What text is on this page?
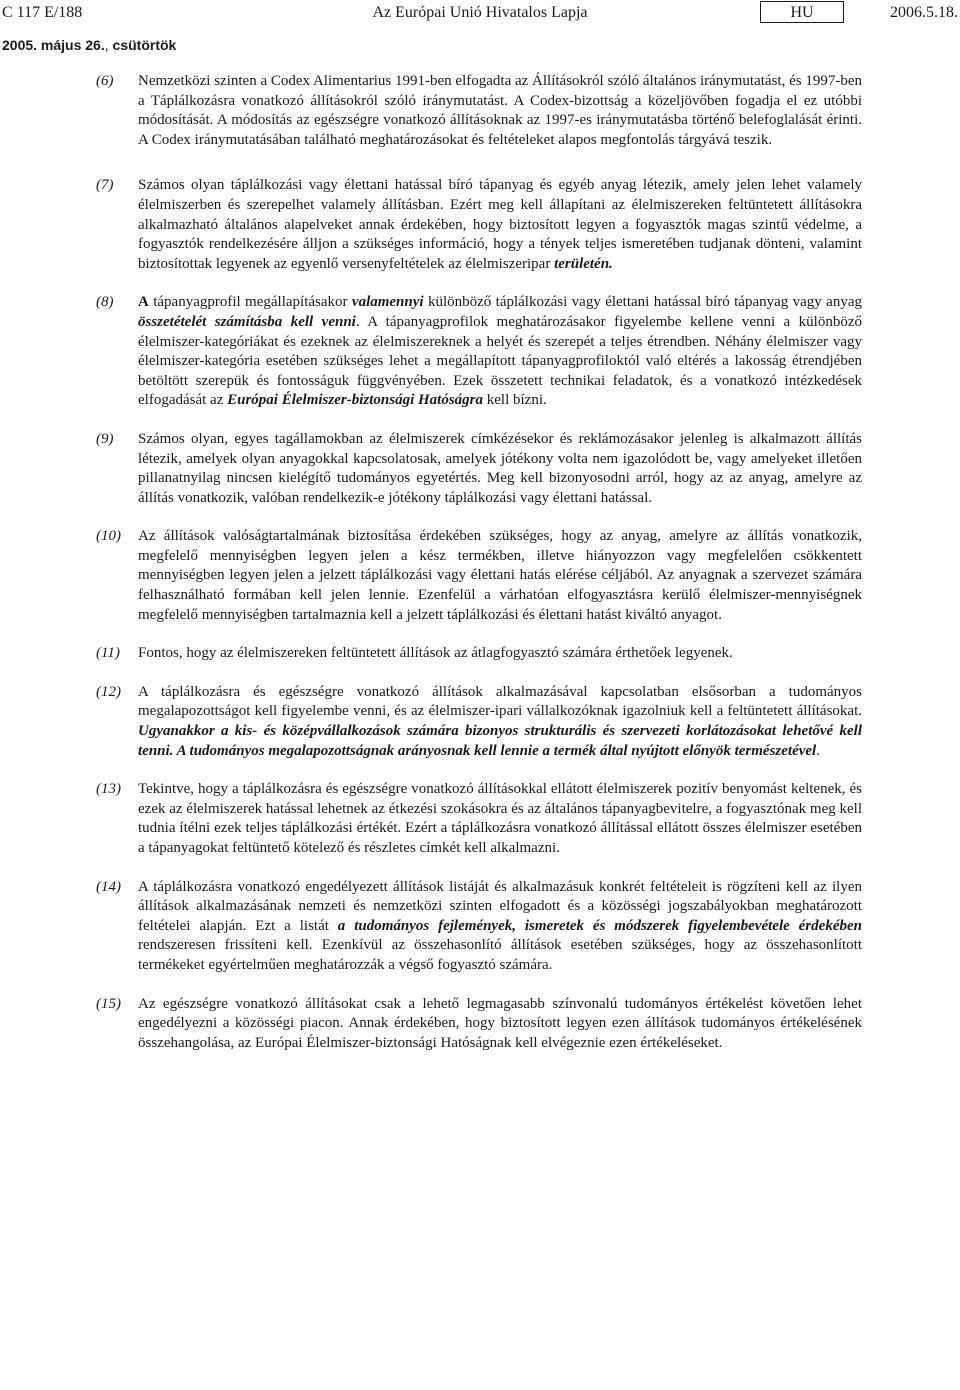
C 117 E/188	Az Európai Unió Hivatalos Lapja	HU	2006.5.18.
2005. május 26., csütörtök
(6) Nemzetközi szinten a Codex Alimentarius 1991-ben elfogadta az Állításokról szóló általános iránymutatást, és 1997-ben a Táplálkozásra vonatkozó állításokról szóló iránymutatást. A Codex-bizottság a közeljövőben fogadja el ez utóbbi módosítását. A módosítás az egészségre vonatkozó állításoknak az 1997-es iránymutatásba történő belefoglalását érinti. A Codex iránymutatásában található meghatározásokat és feltételeket alapos megfontolás tárgyává teszik.
(7) Számos olyan táplálkozási vagy élettani hatással bíró tápanyag és egyéb anyag létezik, amely jelen lehet valamely élelmiszerben és szerepelhet valamely állításban. Ezért meg kell állapítani az élelmiszereken feltüntetett állításokra alkalmazható általános alapelveket annak érdekében, hogy biztosított legyen a fogyasztók magas szintű védelme, a fogyasztók rendelkezésére álljon a szükséges információ, hogy a tények teljes ismeretében tudjanak dönteni, valamint biztosítottak legyenek az egyenlő versenyfeltételek az élelmiszeripar területén.
(8) A tápanyagprofil megállapításakor valamennyi különböző táplálkozási vagy élettani hatással bíró tápanyag vagy anyag összetételét számításba kell venni. A tápanyagprofilok meghatározásakor figyelembe kellene venni a különböző élelmiszer-kategóriákat és ezeknek az élelmiszereknek a helyét és szerepét a teljes étrendben. Néhány élelmiszer vagy élelmiszer-kategória esetében szükséges lehet a megállapított tápanyagprofiloktól való eltérés a lakosság étrendjében betöltött szerepük és fontosságuk függvényében. Ezek összetett technikai feladatok, és a vonatkozó intézkedések elfogadását az Európai Élelmiszer-biztonsági Hatóságra kell bízni.
(9) Számos olyan, egyes tagállamokban az élelmiszerek címkézésekor és reklámozásakor jelenleg is alkalmazott állítás létezik, amelyek olyan anyagokkal kapcsolatosak, amelyek jótékony volta nem igazolódott be, vagy amelyeket illetően pillanatnyilag nincsen kielégítő tudományos egyetértés. Meg kell bizonyosodni arról, hogy az az anyag, amelyre az állítás vonatkozik, valóban rendelkezik-e jótékony táplálkozási vagy élettani hatással.
(10) Az állítások valóságtartalmának biztosítása érdekében szükséges, hogy az anyag, amelyre az állítás vonatkozik, megfelelő mennyiségben legyen jelen a kész termékben, illetve hiányozzon vagy megfelelően csökkentett mennyiségben legyen jelen a jelzett táplálkozási vagy élettani hatás elérése céljából. Az anyagnak a szervezet számára felhasználható formában kell jelen lennie. Ezenfelül a várhatóan elfogyasztásra kerülő élelmiszer-mennyiségnek megfelelő mennyiségben tartalmaznia kell a jelzett táplálkozási és élettani hatást kiváltó anyagot.
(11) Fontos, hogy az élelmiszereken feltüntetett állítások az átlagfogyasztó számára érthetőek legyenek.
(12) A táplálkozásra és egészségre vonatkozó állítások alkalmazásával kapcsolatban elsősorban a tudományos megalapozottságot kell figyelembe venni, és az élelmiszer-ipari vállalkozóknak igazolniuk kell a feltüntetett állításokat. Ugyanakkor a kis- és középvállalkozások számára bizonyos strukturális és szervezeti korlátozásokat lehetővé kell tenni. A tudományos megalapozottságnak arányosnak kell lennie a termék által nyújtott előnyök természetével.
(13) Tekintve, hogy a táplálkozásra és egészségre vonatkozó állításokkal ellátott élelmiszerek pozitív benyomást keltenek, és ezek az élelmiszerek hatással lehetnek az étkezési szokásokra és az általános tápanyagbevitelre, a fogyasztónak meg kell tudnia ítélni ezek teljes táplálkozási értékét. Ezért a táplálkozásra vonatkozó állítással ellátott összes élelmiszer esetében a tápanyagokat feltüntető kötelező és részletes címkét kell alkalmazni.
(14) A táplálkozásra vonatkozó engedélyezett állítások listáját és alkalmazásuk konkrét feltételeit is rögzíteni kell az ilyen állítások alkalmazásának nemzeti és nemzetközi szinten elfogadott és a közösségi jogszabályokban meghatározott feltételei alapján. Ezt a listát a tudományos fejlemények, ismeretek és módszerek figyelembevétele érdekében rendszeresen frissíteni kell. Ezenkívül az összehasonlító állítások esetében szükséges, hogy az összehasonlított termékeket egyértelműen meghatározzák a végső fogyasztó számára.
(15) Az egészségre vonatkozó állításokat csak a lehető legmagasabb színvonalú tudományos értékelést követően lehet engedélyezni a közösségi piacon. Annak érdekében, hogy biztosított legyen ezen állítások tudományos értékelésének összehangolása, az Európai Élelmiszer-biztonsági Hatóságnak kell elvégeznie ezen értékeléseket.
